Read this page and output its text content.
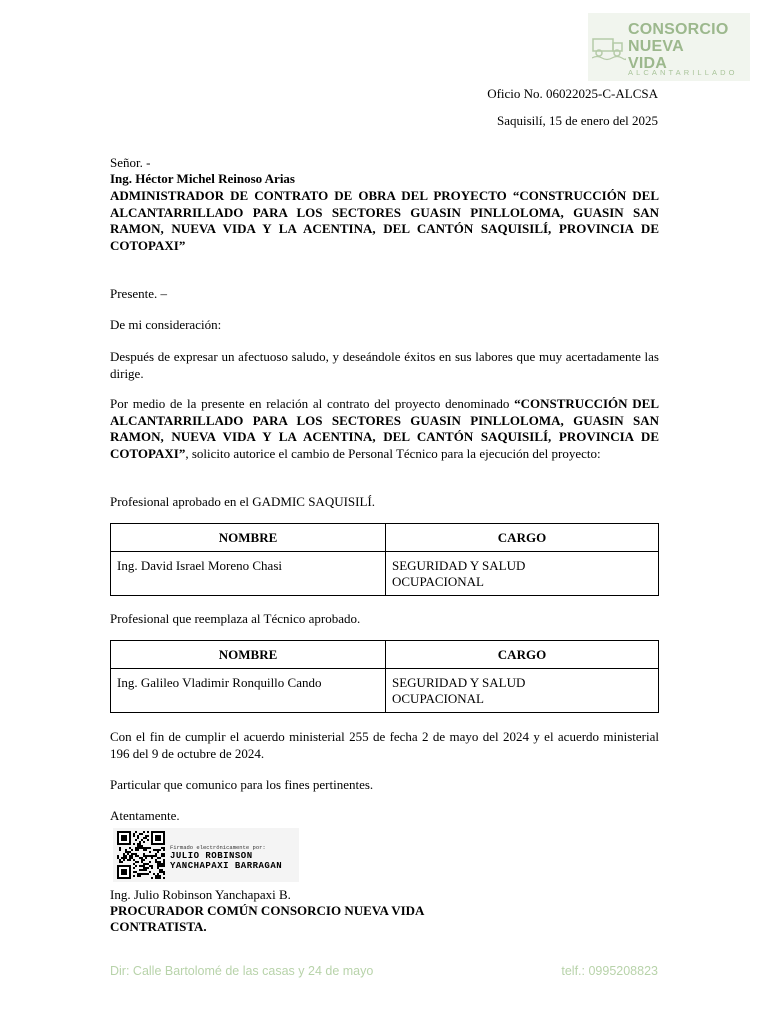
CONSORCIO
NUEVA
VIDA
ALCANTARILLADO
Oficio No. 06022025-C-ALCSA
Saquisilí, 15 de enero del 2025
Señor. -
Ing. Héctor Michel Reinoso Arias
ADMINISTRADOR DE CONTRATO DE OBRA DEL PROYECTO “CONSTRUCCIÓN DEL ALCANTARRILLADO PARA LOS SECTORES GUASIN PINLLOLOMA, GUASIN SAN RAMON, NUEVA VIDA Y LA ACENTINA, DEL CANTÓN SAQUISILÍ, PROVINCIA DE COTOPAXI”
Presente. –
De mi consideración:
Después de expresar un afectuoso saludo, y deseándole éxitos en sus labores que muy acertadamente las dirige.
Por medio de la presente en relación al contrato del proyecto denominado “CONSTRUCCIÓN DEL ALCANTARRILLADO PARA LOS SECTORES GUASIN PINLLOLOMA, GUASIN SAN RAMON, NUEVA VIDA Y LA ACENTINA, DEL CANTÓN SAQUISILÍ, PROVINCIA DE COTOPAXI”, solicito autorice el cambio de Personal Técnico para la ejecución del proyecto:
Profesional aprobado en el GADMIC SAQUISILÍ.
NOMBRE	CARGO
Ing. David Israel Moreno Chasi	SEGURIDAD Y SALUD OCUPACIONAL
Profesional que reemplaza al Técnico aprobado.
NOMBRE	CARGO
Ing. Galileo Vladimir Ronquillo Cando	SEGURIDAD Y SALUD OCUPACIONAL
Con el fin de cumplir el acuerdo ministerial 255 de fecha 2 de mayo del 2024 y el acuerdo ministerial 196 del 9 de octubre de 2024.
Particular que comunico para los fines pertinentes.
Atentamente.
Firmado electrónicamente por:
JULIO ROBINSON
YANCHAPAXI BARRAGAN
Ing. Julio Robinson Yanchapaxi B.
PROCURADOR COMÚN CONSORCIO NUEVA VIDA
CONTRATISTA.
Dir: Calle Bartolomé de las casas y 24 de mayo	telf.: 0995208823
